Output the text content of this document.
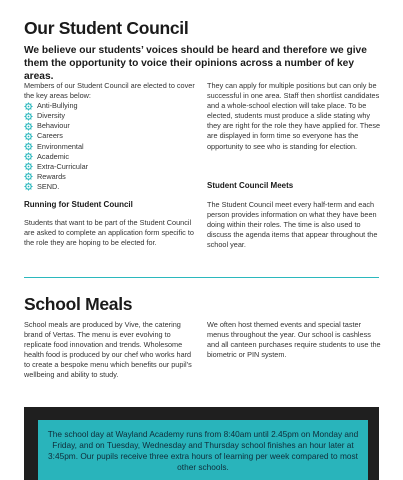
Our Student Council
We believe our students’ voices should be heard and therefore we give them the opportunity to voice their opinions across a number of key areas.

Members of our Student Council are elected to cover the key areas below:

Anti-Bullying
Diversity
Behaviour
Careers
Environmental
Academic
Extra-Curricular
Rewards
SEND.
Running for Student Council
Students that want to be part of the Student Council are asked to complete an application form specific to the role they are hoping to be elected for.
They can apply for multiple positions but can only be successful in one area. Staff then shortlist candidates and a whole-school election will take place. To be elected, students must produce a slide stating why they are right for the role they have applied for. These are displayed in form time so everyone has the opportunity to see who is standing for election.
Student Council Meets
The Student Council meet every half-term and each person provides information on what they have been doing within their roles. The time is also used to discuss the agenda items that appear throughout the school year.
School Meals
School meals are produced by Vive, the catering brand of Vertas. The menu is ever evolving to replicate food innovation and trends. Wholesome health food is produced by our chef who works hard to create a bespoke menu which benefits our pupil’s wellbeing and ability to study.
We often host themed events and special taster menus throughout the year. Our school is cashless and all canteen purchases require students to use the biometric or PIN system.
The school day at Wayland Academy runs from 8:40am until 2.45pm on Monday and Friday, and on Tuesday, Wednesday and Thursday school finishes an hour later at 3:45pm. Our pupils receive three extra hours of learning per week compared to most other schools.
